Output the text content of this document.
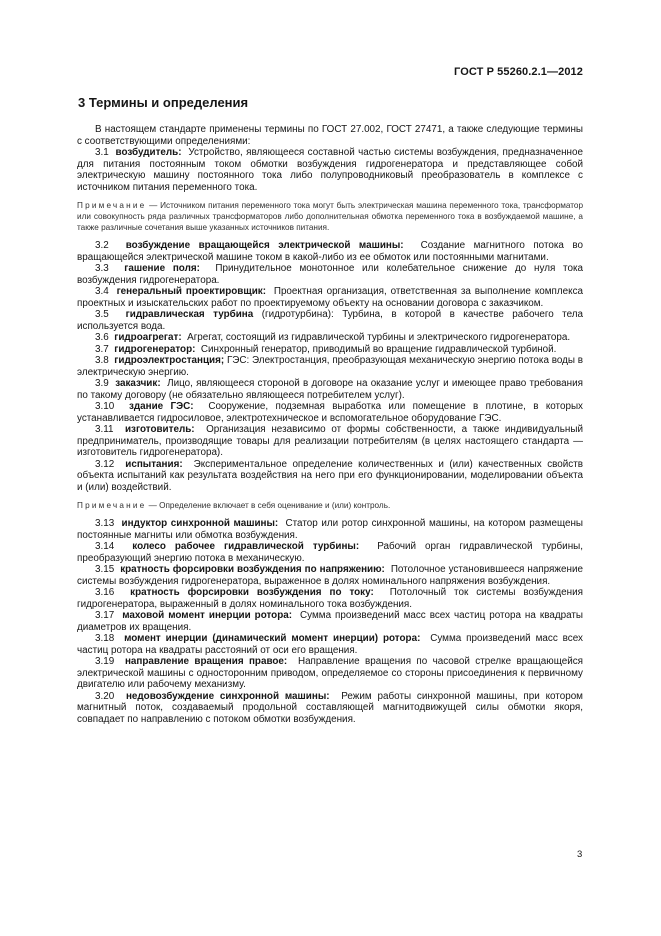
ГОСТ Р 55260.2.1—2012
3 Термины и определения

В настоящем стандарте применены термины по ГОСТ 27.002, ГОСТ 27471, а также следующие термины с соответствующими определениями:

3.1 возбудитель: Устройство, являющееся составной частью системы возбуждения, предназначенное для питания постоянным током обмотки возбуждения гидрогенератора и представляющее собой электрическую машину постоянного тока либо полупроводниковый преобразователь в комплексе с источником питания переменного тока.

Примечание — Источником питания переменного тока могут быть электрическая машина переменного тока, трансформатор или совокупность ряда различных трансформаторов либо дополнительная обмотка переменного тока в возбуждаемой машине, а также различные сочетания выше указанных источников питания.

3.2 возбуждение вращающейся электрической машины: Создание магнитного потока во вращающейся электрической машине током в какой-либо из ее обмоток или постоянными магнитами.

3.3 гашение поля: Принудительное монотонное или колебательное снижение до нуля тока возбуждения гидрогенератора.

3.4 генеральный проектировщик: Проектная организация, ответственная за выполнение комплекса проектных и изыскательских работ по проектируемому объекту на основании договора с заказчиком.

3.5 гидравлическая турбина (гидротурбина): Турбина, в которой в качестве рабочего тела используется вода.

3.6 гидроагрегат: Агрегат, состоящий из гидравлической турбины и электрического гидрогенератора.

3.7 гидрогенератор: Синхронный генератор, приводимый во вращение гидравлической турбиной.

3.8 гидроэлектростанция; ГЭС: Электростанция, преобразующая механическую энергию потока воды в электрическую энергию.

3.9 заказчик: Лицо, являющееся стороной в договоре на оказание услуг и имеющее право требования по такому договору (не обязательно являющееся потребителем услуг).

3.10 здание ГЭС: Сооружение, подземная выработка или помещение в плотине, в которых устанавливается гидросиловое, электротехническое и вспомогательное оборудование ГЭС.

3.11 изготовитель: Организация независимо от формы собственности, а также индивидуальный предприниматель, производящие товары для реализации потребителям (в целях настоящего стандарта — изготовитель гидрогенератора).

3.12 испытания: Экспериментальное определение количественных и (или) качественных свойств объекта испытаний как результата воздействия на него при его функционировании, моделировании объекта и (или) воздействий.

Примечание — Определение включает в себя оценивание и (или) контроль.

3.13 индуктор синхронной машины: Статор или ротор синхронной машины, на котором размещены постоянные магниты или обмотка возбуждения.

3.14 колесо рабочее гидравлической турбины: Рабочий орган гидравлической турбины, преобразующий энергию потока в механическую.

3.15 кратность форсировки возбуждения по напряжению: Потолочное установившееся напряжение системы возбуждения гидрогенератора, выраженное в долях номинального напряжения возбуждения.

3.16 кратность форсировки возбуждения по току: Потолочный ток системы возбуждения гидрогенератора, выраженный в долях номинального тока возбуждения.

3.17 маховой момент инерции ротора: Сумма произведений масс всех частиц ротора на квадраты диаметров их вращения.

3.18 момент инерции (динамический момент инерции) ротора: Сумма произведений масс всех частиц ротора на квадраты расстояний от оси его вращения.

3.19 направление вращения правое: Направление вращения по часовой стрелке вращающейся электрической машины с односторонним приводом, определяемое со стороны присоединения к первичному двигателю или рабочему механизму.

3.20 недовозбуждение синхронной машины: Режим работы синхронной машины, при котором магнитный поток, создаваемый продольной составляющей магнитодвижущей силы обмотки якоря, совпадает по направлению с потоком обмотки возбуждения.

3
